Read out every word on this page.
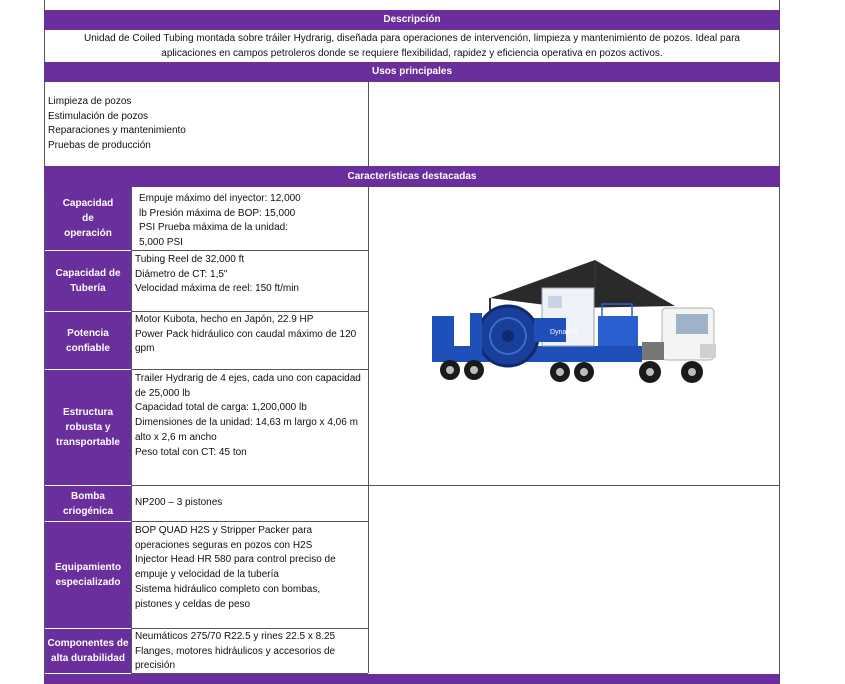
Descripción

Unidad de Coiled Tubing montada sobre tráiler Hydrarig, diseñada para operaciones de intervención, limpieza y mantenimiento de pozos. Ideal para

aplicaciones en campos petroleros donde se requiere flexibilidad, rapidez y eficiencia operativa en pozos activos.

Usos principales
Limpieza de pozos
Estimulación de pozos
Reparaciones y mantenimiento
Pruebas de producción
Características destacadas
Capacidad
de
operación
Empuje máximo del inyector: 12,000
lb Presión máxima de BOP: 15,000
PSI Prueba máxima de la unidad:
5,000 PSI
Capacidad de
Tubería
Tubing Reel de 32,000 ft
Diámetro de CT: 1,5"
Velocidad máxima de reel: 150 ft/min
Potencia
confiable
Motor Kubota, hecho en Japón, 22.9 HP
Power Pack hidráulico con caudal máximo de 120
gpm
Estructura
robusta y
transportable
Trailer Hydrarig de 4 ejes, cada uno con capacidad
de 25,000 lb
Capacidad total de carga: 1,200,000 lb
Dimensiones de la unidad: 14,63 m largo x 4,06 m
alto x 2,6 m ancho
Peso total con CT: 45 ton
Bomba
criogénica
NP200 – 3 pistones
Equipamiento
especializado
BOP QUAD H2S y Stripper Packer para
operaciones seguras en pozos con H2S
Injector Head HR 580 para control preciso de
empuje y velocidad de la tubería
Sistema hidráulico completo con bombas,
pistones y celdas de peso
Componentes de
alta durabilidad
Neumáticos 275/70 R22.5 y rines 22.5 x 8.25
Flanges, motores hidráulicos y accesorios de
precisión
Dynadrill
